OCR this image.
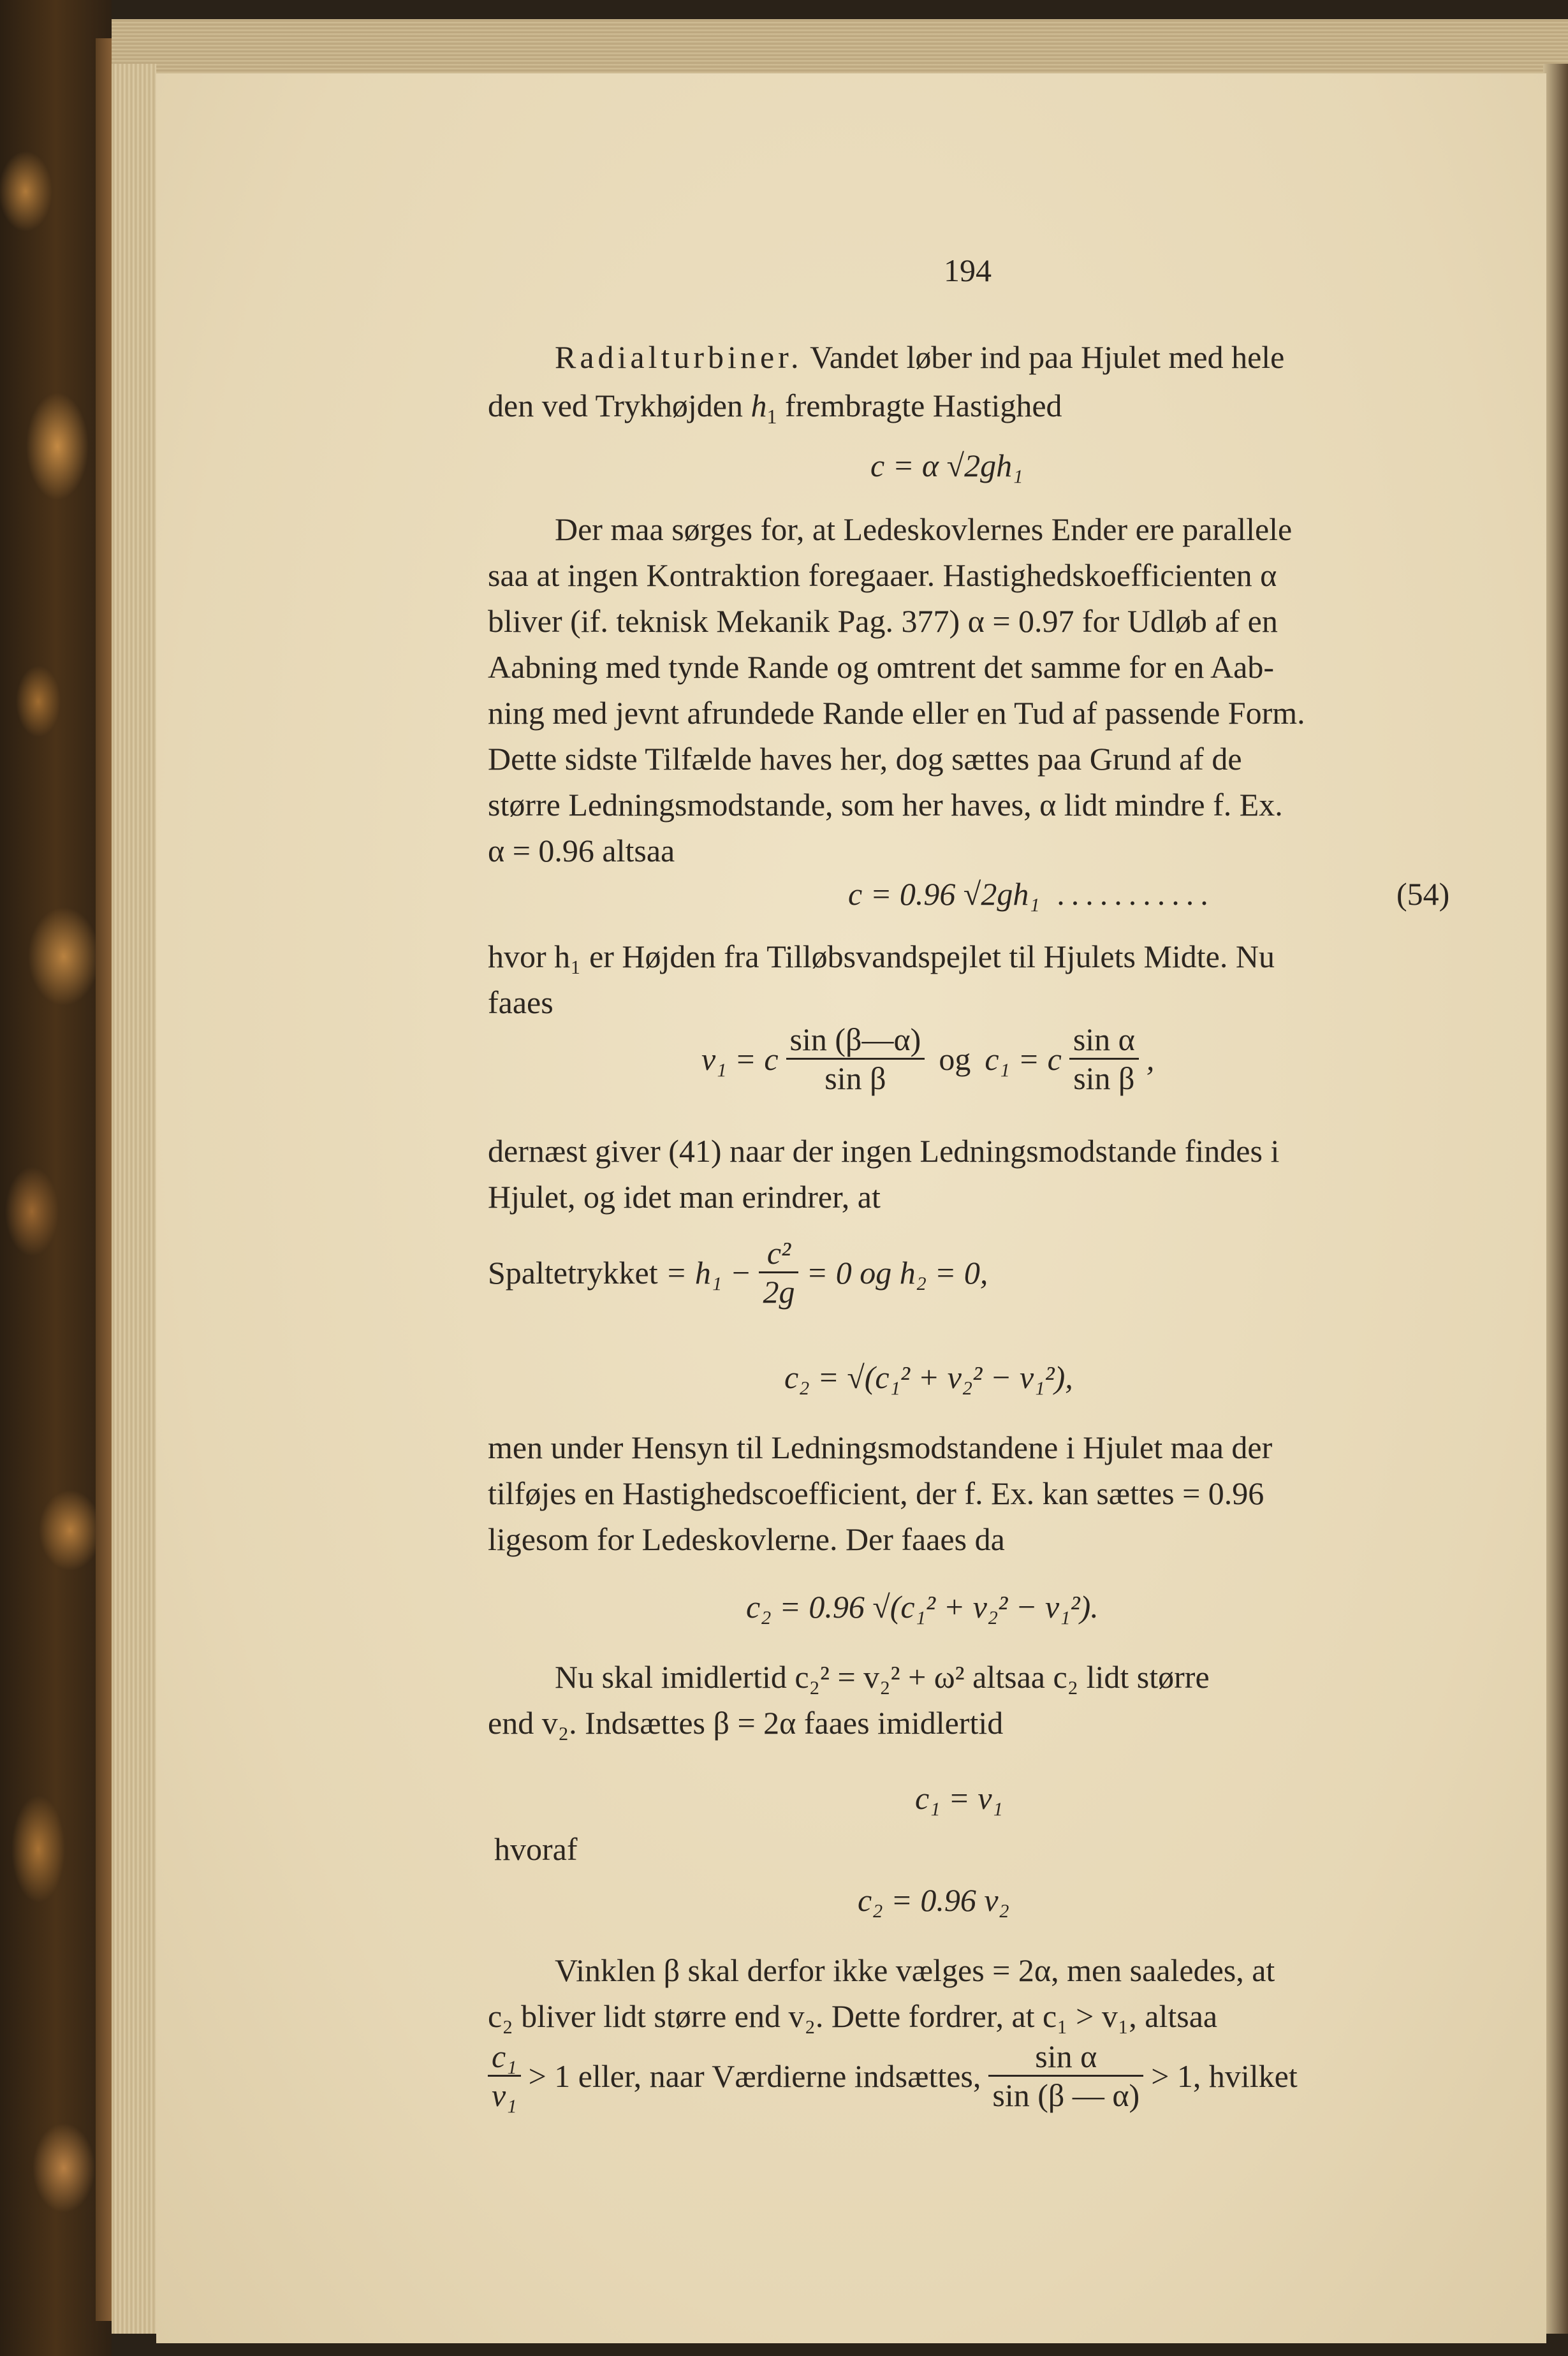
194
Radialturbiner. Vandet løber ind paa Hjulet med hele
den ved Trykhøjden $h_1$ frembragte Hastighed
c = α √2gh₁
Der maa sørges for, at Ledeskovlernes Ender ere parallele
saa at ingen Kontraktion foregaaer. Hastighedskoefficienten α
bliver (if. teknisk Mekanik Pag. 377) α = 0.97 for Udløb af en
Aabning med tynde Rande og omtrent det samme for en Aab-
ning med jevnt afrundede Rande eller en Tud af passende Form.
Dette sidste Tilfælde haves her, dog sættes paa Grund af de
større Ledningsmodstande, som her haves, α lidt mindre f. Ex.
α = 0.96 altsaa
c = 0.96 √2gh₁ ...........	(54)
hvor h₁ er Højden fra Tilløbsvandspejlet til Hjulets Midte. Nu
faaes
v₁ = c $\frac{\sin (\beta—\alpha)}{\text{sin β}}$ og c₁ = c $\frac{\text{sin α}}{\text{sin β}}$ ,
dernæst giver (41) naar der ingen Ledningsmodstande findes i
Hjulet, og idet man erindrer, at
Spaltetrykket = $h_1 - \frac{\text{c²}}{2g} = 0$ og h₂ = 0,
c₂ = √(c₁² + v₂² − v₁²),
men under Hensyn til Ledningsmodstandene i Hjulet maa der
tilføjes en Hastighedscoefficient, der f. Ex. kan sættes = 0.96
ligesom for Ledeskovlerne. Der faaes da
c₂ = 0.96 √(c₁² + v₂² − v₁²).
Nu skal imidlertid c₂² = v₂² + ω² altsaa c₂ lidt større
end v₂. Indsættes β = 2α faaes imidlertid
c₁ = v₁
hvoraf
c₂ = 0.96 v₂
Vinklen β skal derfor ikke vælges = 2α, men saaledes, at
c₂ bliver lidt større end v₂. Dette fordrer, at c₁ > v₁, altsaa
$\frac{\text{c₁}}{\text{v₁}} > 1$ eller, naar Værdierne indsættes, $\frac{\text{sin α}}{\sin (\beta — \alpha)} > 1$, hvilket
